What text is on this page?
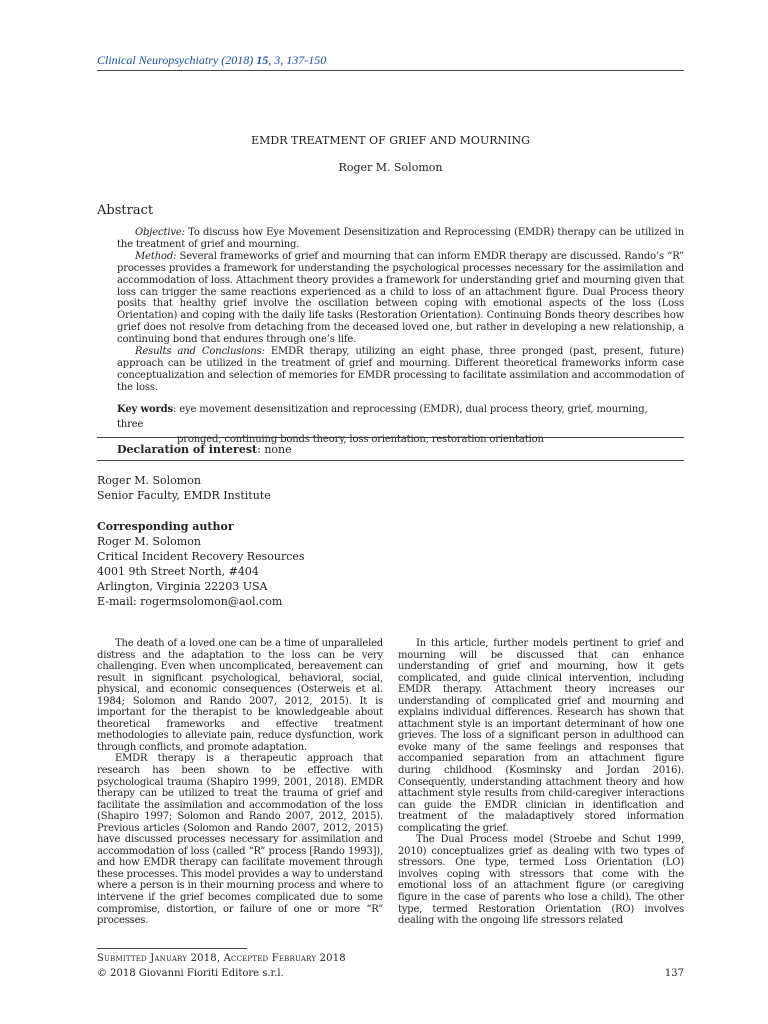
Clinical Neuropsychiatry (2018) 15, 3, 137-150
EMDR TREATMENT OF GRIEF AND MOURNING
Roger M. Solomon
Abstract

Objective: To discuss how Eye Movement Desensitization and Reprocessing (EMDR) therapy can be utilized in the treatment of grief and mourning.

Method: Several frameworks of grief and mourning that can inform EMDR therapy are discussed. Rando’s “R” processes provides a framework for understanding the psychological processes necessary for the assimilation and accommodation of loss. Attachment theory provides a framework for understanding grief and mourning given that loss can trigger the same reactions experienced as a child to loss of an attachment figure. Dual Process theory posits that healthy grief involve the oscillation between coping with emotional aspects of the loss (Loss Orientation) and coping with the daily life tasks (Restoration Orientation). Continuing Bonds theory describes how grief does not resolve from detaching from the deceased loved one, but rather in developing a new relationship, a continuing bond that endures through one’s life.

Results and Conclusions: EMDR therapy, utilizing an eight phase, three pronged (past, present, future) approach can be utilized in the treatment of grief and mourning. Different theoretical frameworks inform case conceptualization and selection of memories for EMDR processing to facilitate assimilation and accommodation of the loss.

Key words: eye movement desensitization and reprocessing (EMDR), dual process theory, grief, mourning, three
pronged, continuing bonds theory, loss orientation, restoration orientation
Declaration of interest: none
Roger M. Solomon
Senior Faculty, EMDR Institute
Corresponding author
Roger M. Solomon
Critical Incident Recovery Resources
4001 9th Street North, #404
Arlington, Virginia 22203 USA
E-mail: rogermsolomon@aol.com

The death of a loved one can be a time of unparalleled distress and the adaptation to the loss can be very challenging. Even when uncomplicated, bereavement can result in significant psychological, behavioral, social, physical, and economic consequences (Osterweis et al. 1984; Solomon and Rando 2007, 2012, 2015). It is important for the therapist to be knowledgeable about theoretical frameworks and effective treatment methodologies to alleviate pain, reduce dysfunction, work through conflicts, and promote adaptation.

EMDR therapy is a therapeutic approach that research has been shown to be effective with psychological trauma (Shapiro 1999, 2001, 2018). EMDR therapy can be utilized to treat the trauma of grief and facilitate the assimilation and accommodation of the loss (Shapiro 1997; Solomon and Rando 2007, 2012, 2015). Previous articles (Solomon and Rando 2007, 2012, 2015) have discussed processes necessary for assimilation and accommodation of loss (called “R” process [Rando 1993]), and how EMDR therapy can facilitate movement through these processes. This model provides a way to understand where a person is in their mourning process and where to intervene if the grief becomes complicated due to some compromise, distortion, or failure of one or more “R” processes.

In this article, further models pertinent to grief and mourning will be discussed that can enhance understanding of grief and mourning, how it gets complicated, and guide clinical intervention, including EMDR therapy. Attachment theory increases our understanding of complicated grief and mourning and explains individual differences. Research has shown that attachment style is an important determinant of how one grieves. The loss of a significant person in adulthood can evoke many of the same feelings and responses that accompanied separation from an attachment figure during childhood (Kosminsky and Jordan 2016). Consequently, understanding attachment theory and how attachment style results from child-caregiver interactions can guide the EMDR clinician in identification and treatment of the maladaptively stored information complicating the grief.

The Dual Process model (Stroebe and Schut 1999, 2010) conceptualizes grief as dealing with two types of stressors. One type, termed Loss Orientation (LO) involves coping with stressors that come with the emotional loss of an attachment figure (or caregiving figure in the case of parents who lose a child). The other type, termed Restoration Orientation (RO) involves dealing with the ongoing life stressors related

Submitted January 2018, Accepted February 2018
© 2018 Giovanni Fioriti Editore s.r.l.	137
